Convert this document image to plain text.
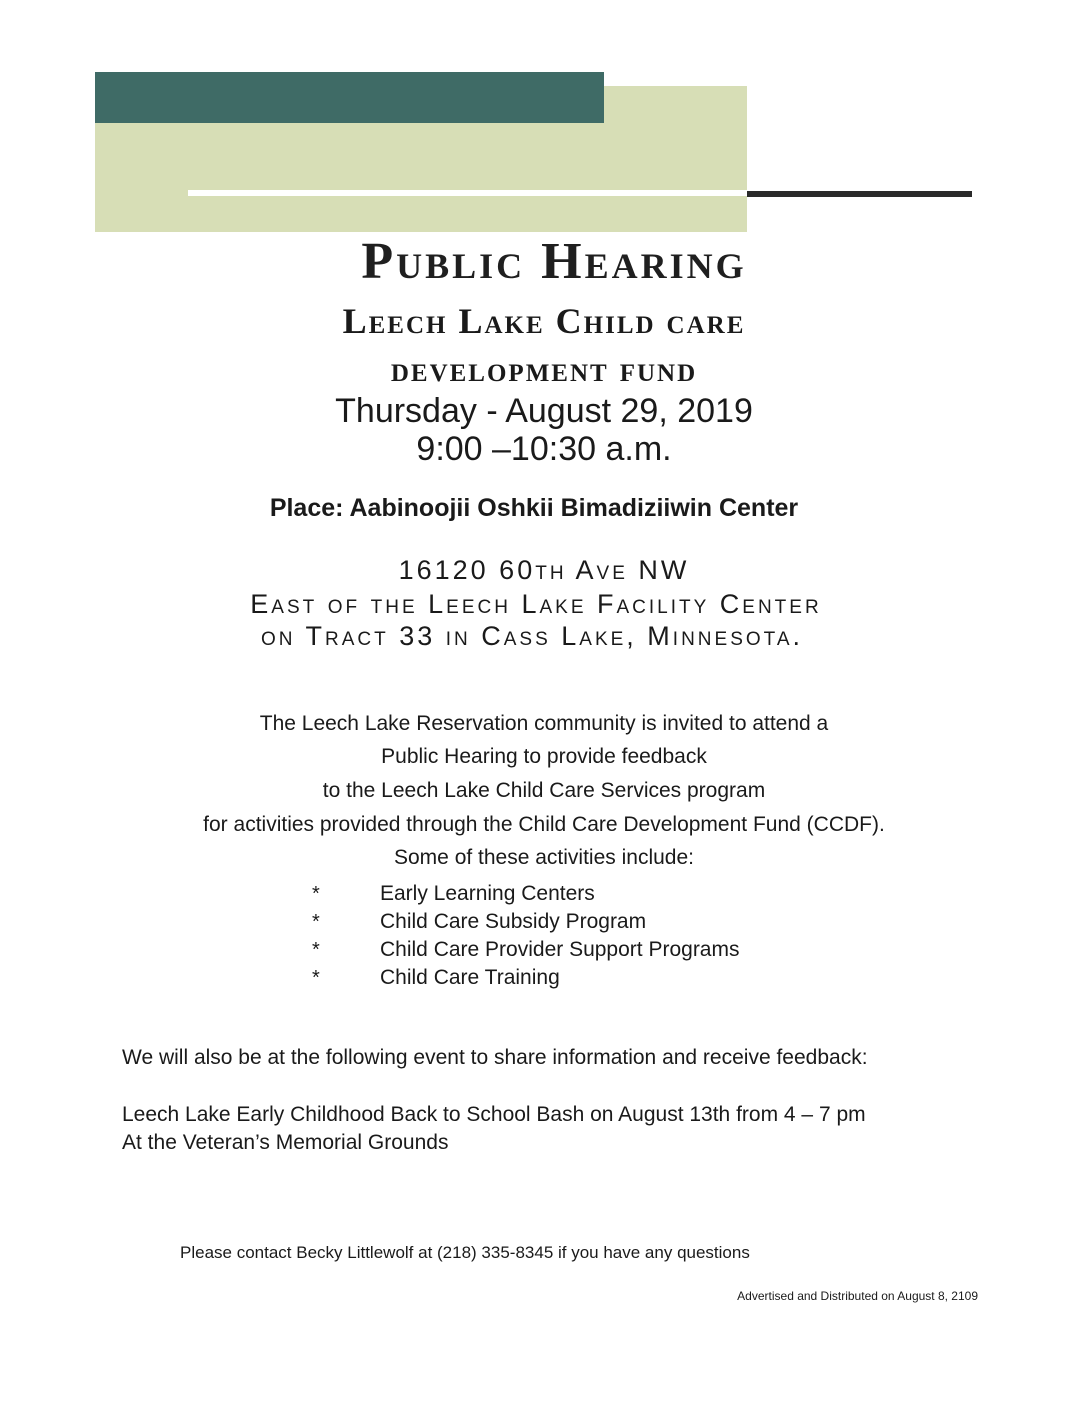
Public Hearing
Leech Lake Child care
development fund

Thursday - August 29, 2019

9:00 –10:30 a.m.

Place: Aabinoojii Oshkii Bimadiziiwin Center

16120 60th Ave NW

East of the Leech Lake Facility Center

on Tract 33 in Cass Lake, Minnesota.

The Leech Lake Reservation community is invited to attend a

Public Hearing to provide feedback

to the Leech Lake Child Care Services program

for activities provided through the Child Care Development Fund (CCDF).

Some of these activities include:

*	Early Learning Centers
*	Child Care Subsidy Program
*	Child Care Provider Support Programs
*	Child Care Training

We will also be at the following event to share information and receive feedback:

Leech Lake Early Childhood Back to School Bash on August 13th from 4 – 7 pm

At the Veteran’s Memorial Grounds

Please contact Becky Littlewolf at (218) 335-8345 if you have any questions

Advertised and Distributed on August 8, 2109
